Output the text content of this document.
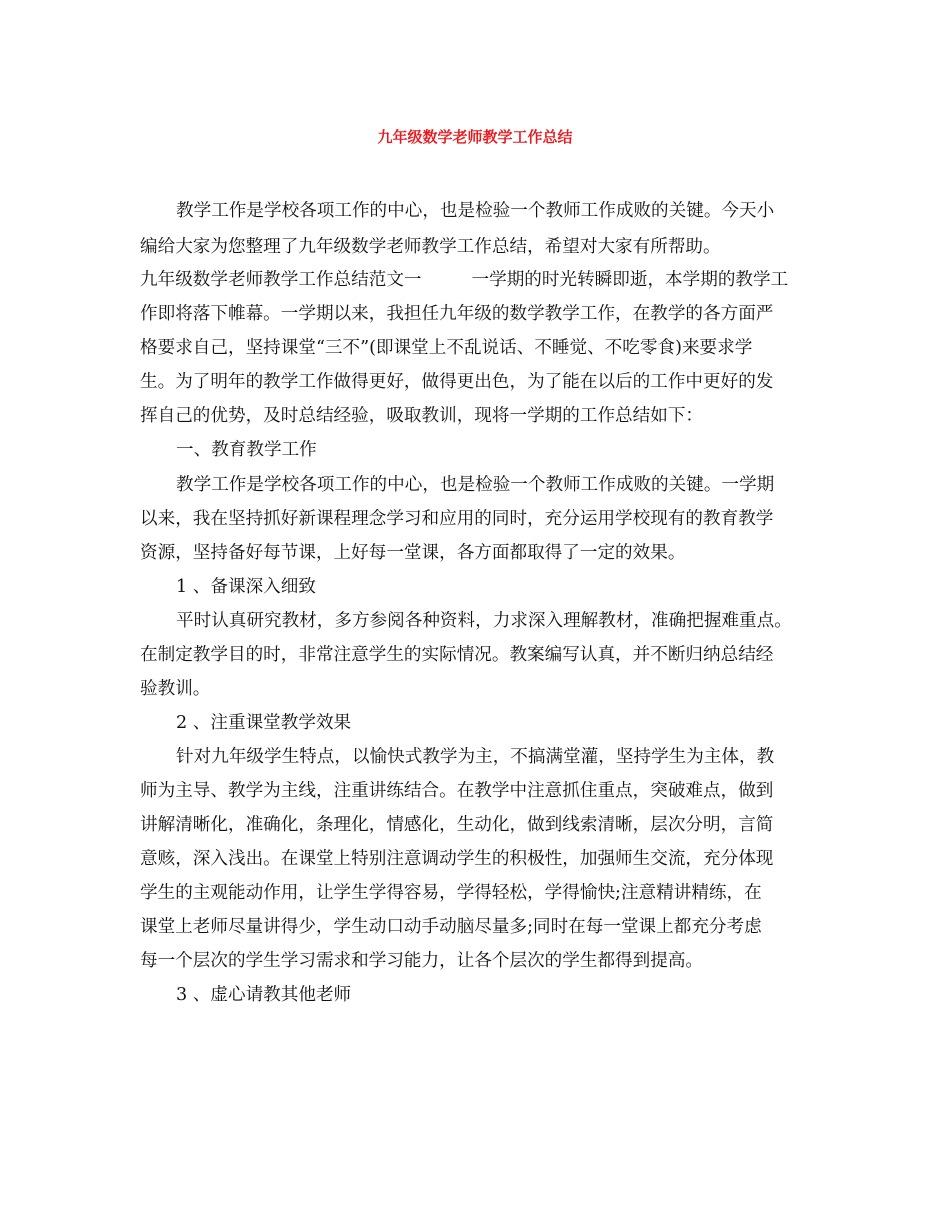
九年级数学老师教学工作总结
教学工作是学校各项工作的中心，也是检验一个教师工作成败的关键。今天小
编给大家为您整理了九年级数学老师教学工作总结，希望对大家有所帮助。
九年级数学老师教学工作总结范文一	一学期的时光转瞬即逝，本学期的教学工
作即将落下帷幕。一学期以来，我担任九年级的数学教学工作，在教学的各方面严
格要求自己，坚持课堂“三不”(即课堂上不乱说话、不睡觉、不吃零食)来要求学
生。为了明年的教学工作做得更好，做得更出色，为了能在以后的工作中更好的发
挥自己的优势，及时总结经验，吸取教训，现将一学期的工作总结如下：
一、教育教学工作
教学工作是学校各项工作的中心，也是检验一个教师工作成败的关键。一学期
以来，我在坚持抓好新课程理念学习和应用的同时，充分运用学校现有的教育教学
资源，坚持备好每节课，上好每一堂课，各方面都取得了一定的效果。
1 、备课深入细致
平时认真研究教材，多方参阅各种资料，力求深入理解教材，准确把握难重点。
在制定教学目的时，非常注意学生的实际情况。教案编写认真，并不断归纳总结经
验教训。
2 、注重课堂教学效果
针对九年级学生特点，以愉快式教学为主，不搞满堂灌，坚持学生为主体，教
师为主导、教学为主线，注重讲练结合。在教学中注意抓住重点，突破难点，做到
讲解清晰化，准确化，条理化，情感化，生动化，做到线索清晰，层次分明，言简
意赅，深入浅出。在课堂上特别注意调动学生的积极性，加强师生交流，充分体现
学生的主观能动作用，让学生学得容易，学得轻松，学得愉快;注意精讲精练，在
课堂上老师尽量讲得少，学生动口动手动脑尽量多;同时在每一堂课上都充分考虑
每一个层次的学生学习需求和学习能力，让各个层次的学生都得到提高。
3 、虚心请教其他老师
